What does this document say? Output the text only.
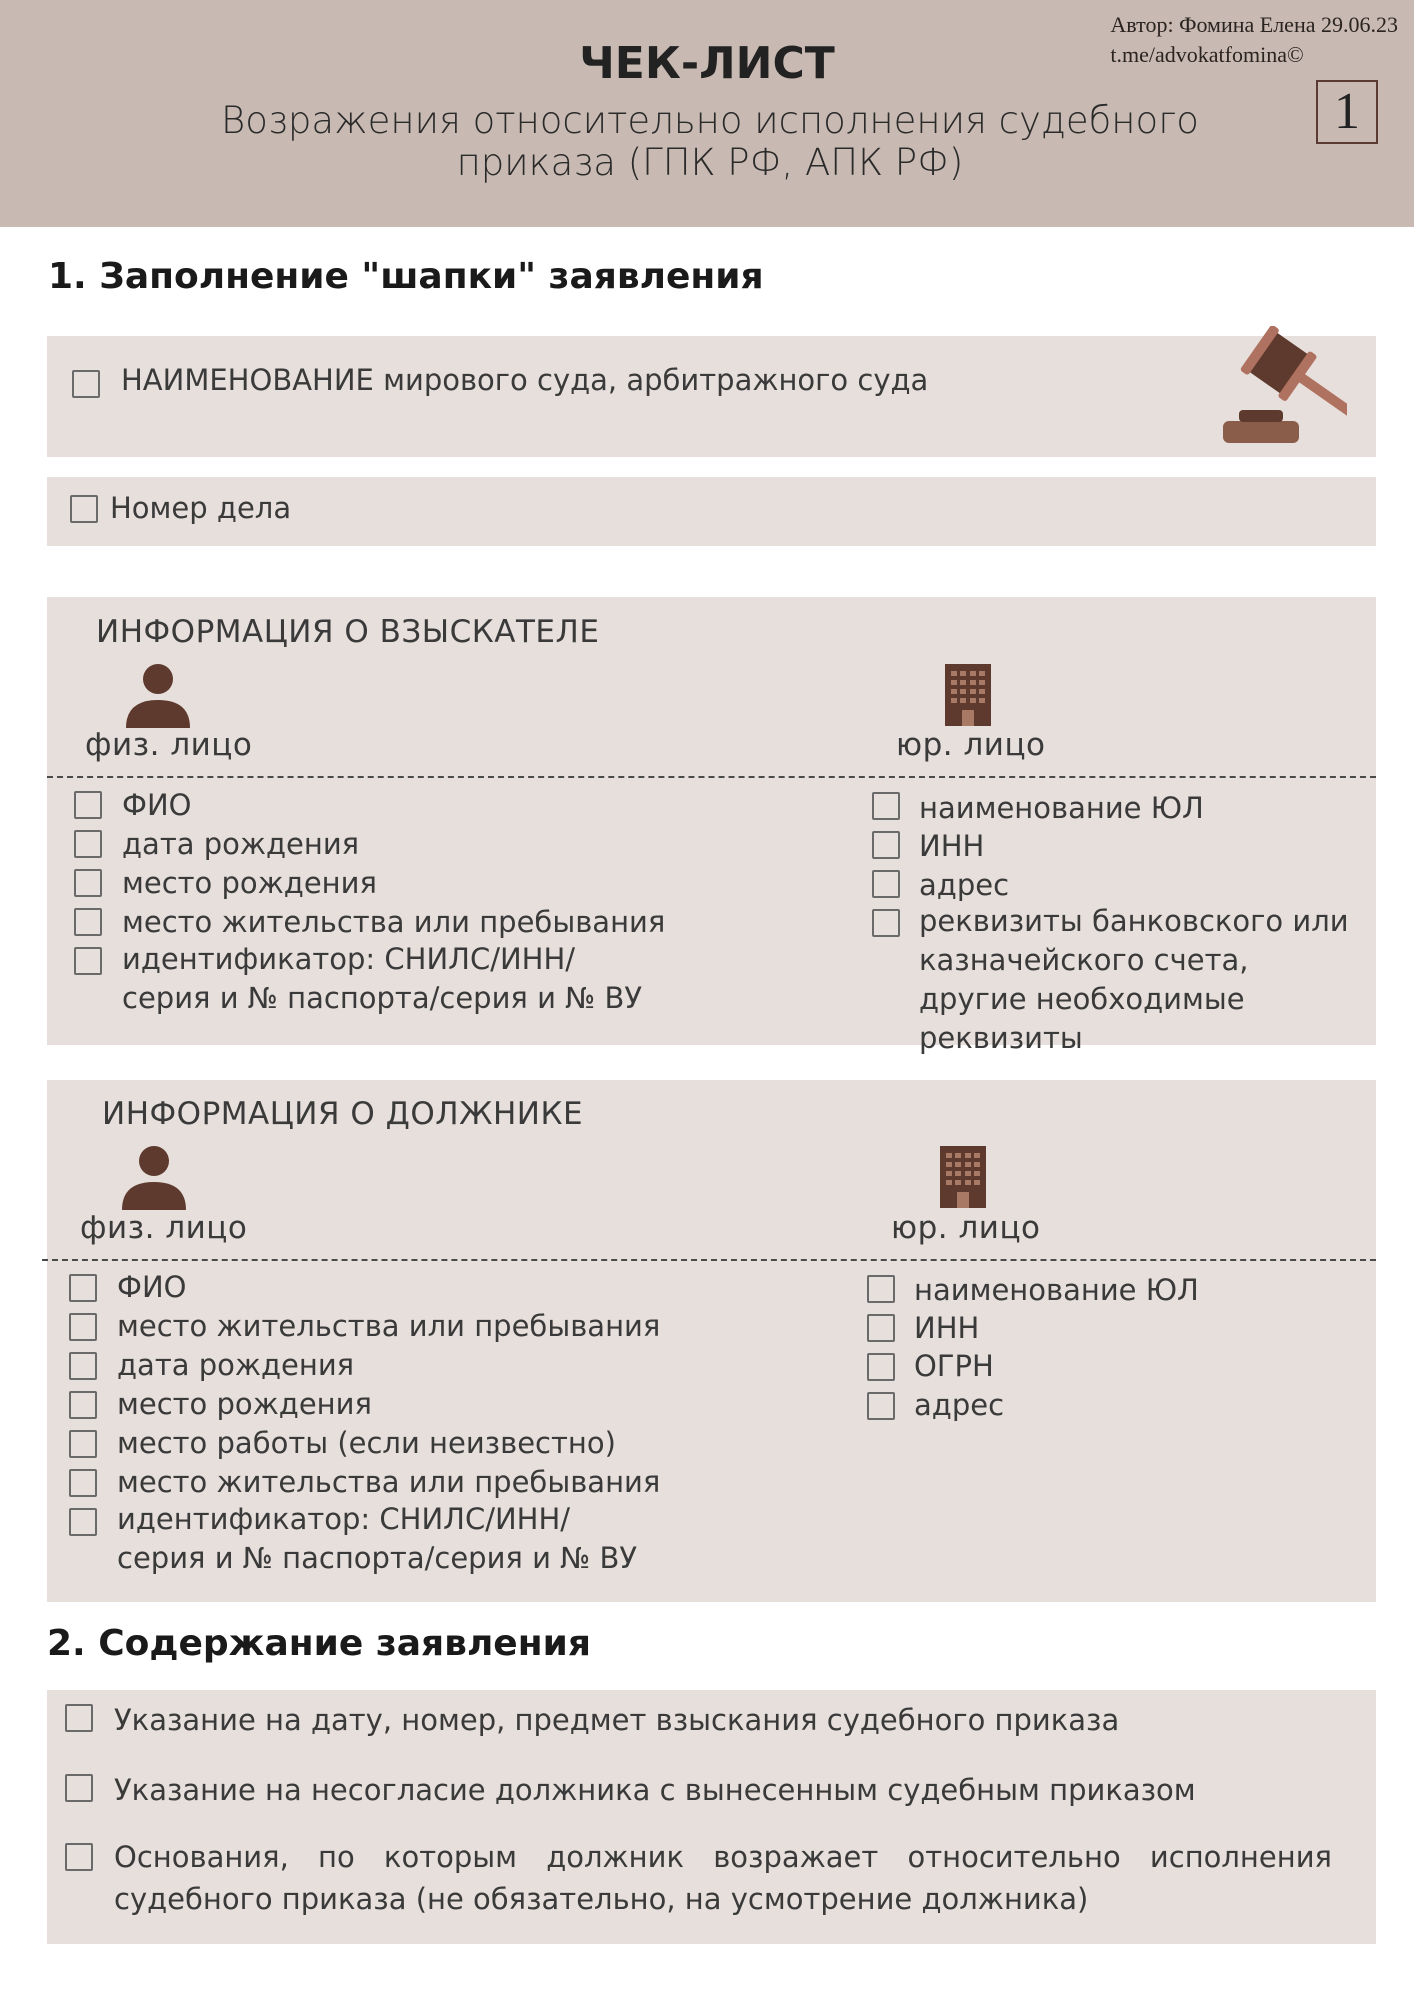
Автор: Фомина Елена 29.06.23
t.me/advokatfomina©
ЧЕК-ЛИСТ
Возражения относительно исполнения судебного приказа (ГПК РФ, АПК РФ)
1
1. Заполнение "шапки" заявления
НАИМЕНОВАНИЕ мирового суда, арбитражного суда
Номер дела
ИНФОРМАЦИЯ О ВЗЫСКАТЕЛЕ
физ. лицо	юр. лицо
ФИО
дата рождения
место рождения
место жительства или пребывания
идентификатор: СНИЛС/ИНН/
серия и № паспорта/серия и № ВУ
наименование ЮЛ
ИНН
адрес
реквизиты банковского или казначейского счета, другие необходимые реквизиты
ИНФОРМАЦИЯ О ДОЛЖНИКЕ
физ. лицо	юр. лицо
ФИО
место жительства или пребывания
дата рождения
место рождения
место работы (если неизвестно)
место жительства или пребывания
идентификатор: СНИЛС/ИНН/
серия и № паспорта/серия и № ВУ
наименование ЮЛ
ИНН
ОГРН
адрес
2. Содержание заявления
Указание на дату, номер, предмет взыскания судебного приказа
Указание на несогласие должника с вынесенным судебным приказом
Основания, по которым должник возражает относительно исполнения судебного приказа (не обязательно, на усмотрение должника)
